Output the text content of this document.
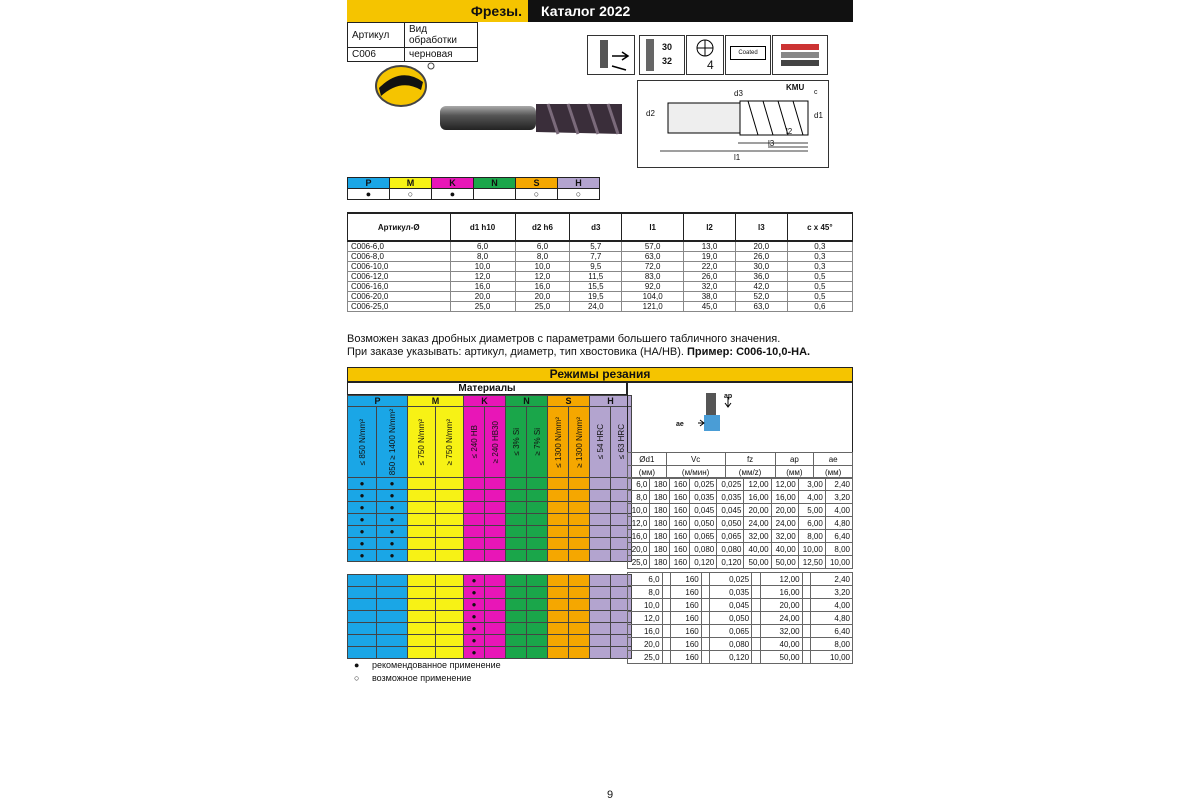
Фрезы.	Каталог 2022
Артикул	Вид обработки
С006	черновая
30
32	4
Coated
KMU
c
d2
d3
d1
l2
l3
l1
P	M	K	N	S	H
●	○	●		○	○
Артикул-Ø	d1 h10	d2 h6	d3	l1	l2	l3	c x 45°
С006-6,0	6,0	6,0	5,7	57,0	13,0	20,0	0,3
С006-8,0	8,0	8,0	7,7	63,0	19,0	26,0	0,3
С006-10,0	10,0	10,0	9,5	72,0	22,0	30,0	0,3
С006-12,0	12,0	12,0	11,5	83,0	26,0	36,0	0,5
С006-16,0	16,0	16,0	15,5	92,0	32,0	42,0	0,5
С006-20,0	20,0	20,0	19,5	104,0	38,0	52,0	0,5
С006-25,0	25,0	25,0	24,0	121,0	45,0	63,0	0,6
Возможен заказ дробных диаметров с параметрами большего табличного значения.
При заказе указывать: артикул, диаметр, тип хвостовика (HA/HB). Пример: С006-10,0-НА.
Режимы резания
Материалы
P		M		K		N		S		H	

≤ 850 N/mm²	850 ≥ 1400 N/mm²	≤ 750 N/mm²	≥ 750 N/mm²	≤ 240 HB	≥ 240 HB30	≤ 3% Si	≥ 7% Si	≤ 1300 N/mm²	≥ 1300 N/mm²	≤ 54 HRC	≤ 63 HRC

●	●										
●	●										
●	●										
●	●										
●	●										
●	●										
●	●										

				●							
				●							
				●							
				●							
				●							
				●							
				●							
ap
ae
Ød1	Vc	fz	ap	ae
(мм)	(м/мин)	(мм/z)	(мм)	(мм)
6,0	180	160	0,025	0,025	12,00	12,00	3,00	2,40
8,0	180	160	0,035	0,035	16,00	16,00	4,00	3,20
10,0	180	160	0,045	0,045	20,00	20,00	5,00	4,00
12,0	180	160	0,050	0,050	24,00	24,00	6,00	4,80
16,0	180	160	0,065	0,065	32,00	32,00	8,00	6,40
20,0	180	160	0,080	0,080	40,00	40,00	10,00	8,00
25,0	180	160	0,120	0,120	50,00	50,00	12,50	10,00
6,0		160		0,025		12,00		2,40
8,0		160		0,035		16,00		3,20
10,0		160		0,045		20,00		4,00
12,0		160		0,050		24,00		4,80
16,0		160		0,065		32,00		6,40
20,0		160		0,080		40,00		8,00
25,0		160		0,120		50,00		10,00
● рекомендованное применение
○ возможное применение
9
